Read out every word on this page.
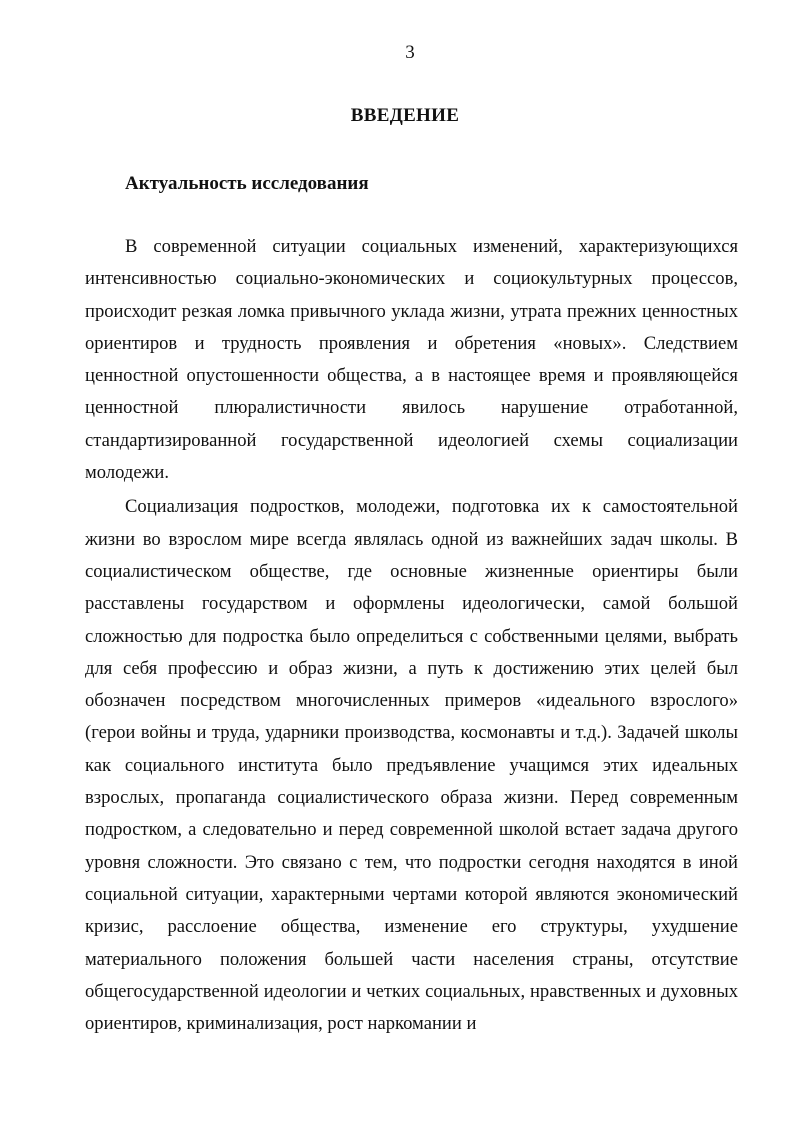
3
ВВЕДЕНИЕ
Актуальность исследования

В современной ситуации социальных изменений, характеризующихся интенсивностью социально-экономических и социокультурных процессов, происходит резкая ломка привычного уклада жизни, утрата прежних ценностных ориентиров и трудность проявления и обретения «новых». Следствием ценностной опустошенности общества, а в настоящее время и проявляющейся ценностной плюралистичности явилось нарушение отработанной, стандартизированной государственной идеологией схемы социализации молодежи.

Социализация подростков, молодежи, подготовка их к самостоятельной жизни во взрослом мире всегда являлась одной из важнейших задач школы. В социалистическом обществе, где основные жизненные ориентиры были расставлены государством и оформлены идеологически, самой большой сложностью для подростка было определиться с собственными целями, выбрать для себя профессию и образ жизни, а путь к достижению этих целей был обозначен посредством многочисленных примеров «идеального взрослого» (герои войны и труда, ударники производства, космонавты и т.д.). Задачей школы как социального института было предъявление учащимся этих идеальных взрослых, пропаганда социалистического образа жизни. Перед современным подростком, а следовательно и перед современной школой встает задача другого уровня сложности. Это связано с тем, что подростки сегодня находятся в иной социальной ситуации, характерными чертами которой являются экономический кризис, расслоение общества, изменение его структуры, ухудшение материального положения большей части населения страны, отсутствие общегосударственной идеологии и четких социальных, нравственных и духовных ориентиров, криминализация, рост наркомании и
